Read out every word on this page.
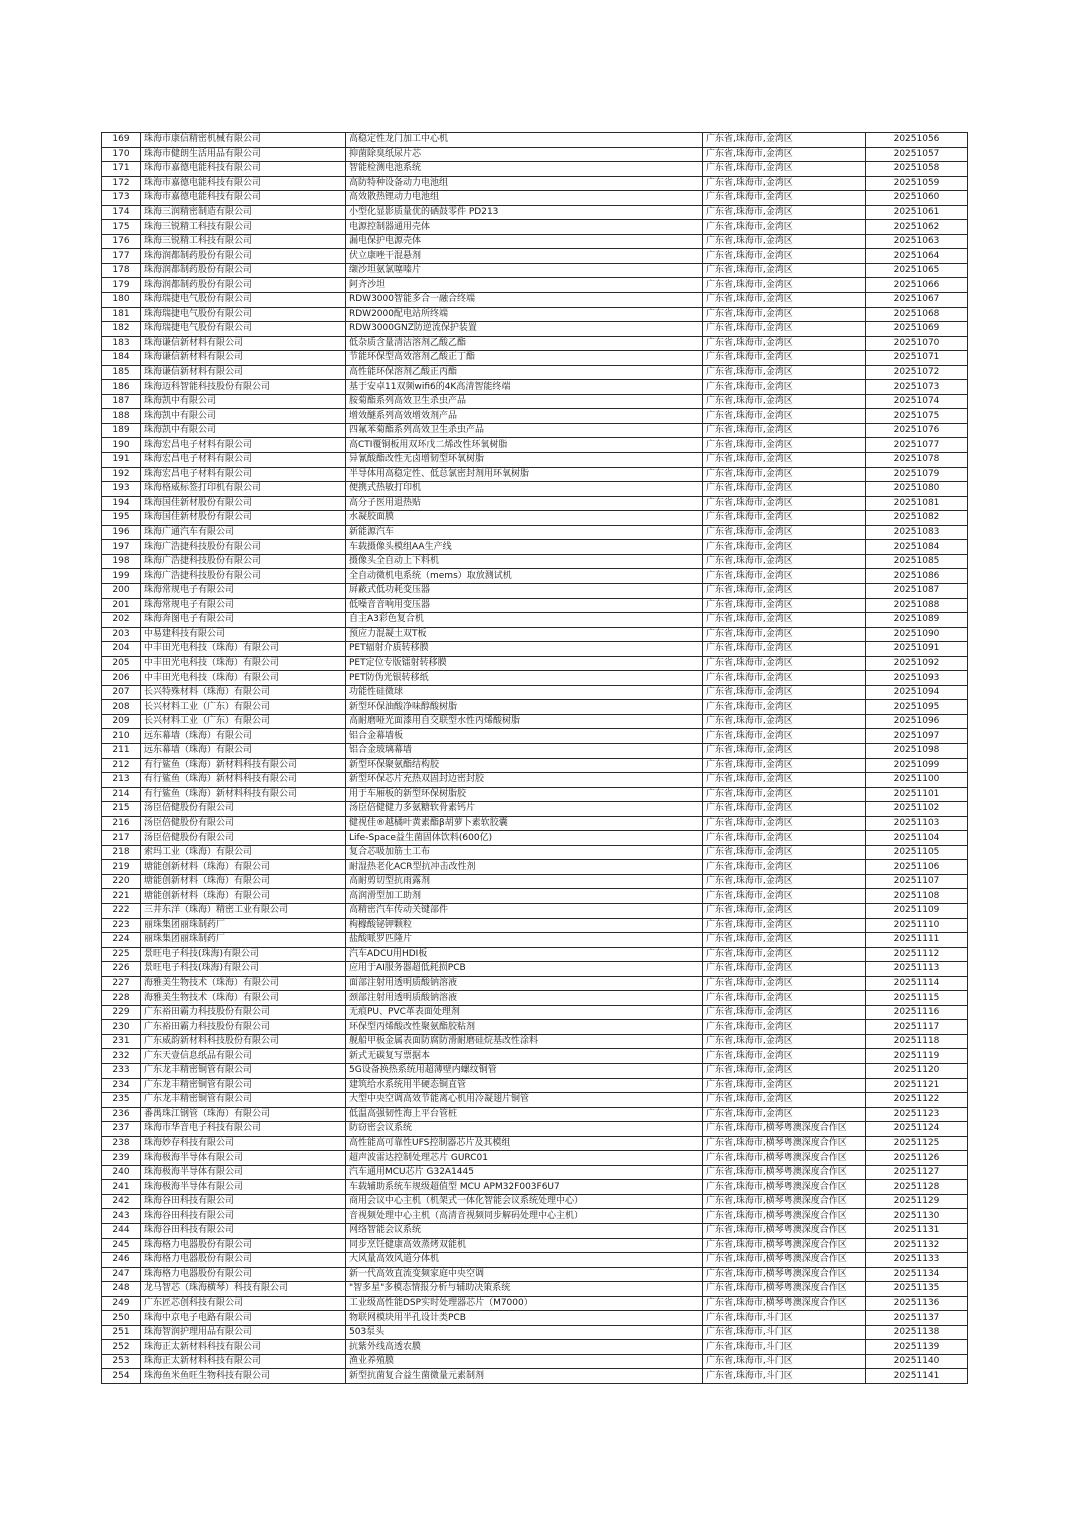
169	珠海市康信精密机械有限公司	高稳定性龙门加工中心机	广东省,珠海市,金湾区	20251056
170	珠海市健朗生活用品有限公司	抑菌除臭纸尿片芯	广东省,珠海市,金湾区	20251057
171	珠海市嘉德电能科技有限公司	智能检测电池系统	广东省,珠海市,金湾区	20251058
172	珠海市嘉德电能科技有限公司	高防特种设备动力电池组	广东省,珠海市,金湾区	20251059
173	珠海市嘉德电能科技有限公司	高效散热锂动力电池组	广东省,珠海市,金湾区	20251060
174	珠海三润精密制造有限公司	小型化显影质量优的硒鼓零件 PD213	广东省,珠海市,金湾区	20251061
175	珠海三锐精工科技有限公司	电源控制器通用壳体	广东省,珠海市,金湾区	20251062
176	珠海三锐精工科技有限公司	漏电保护电源壳体	广东省,珠海市,金湾区	20251063
177	珠海润都制药股份有限公司	伏立康唑干混悬剂	广东省,珠海市,金湾区	20251064
178	珠海润都制药股份有限公司	缬沙坦氨氯噻嗪片	广东省,珠海市,金湾区	20251065
179	珠海润都制药股份有限公司	阿齐沙坦	广东省,珠海市,金湾区	20251066
180	珠海瑞捷电气股份有限公司	RDW3000智能多合一融合终端	广东省,珠海市,金湾区	20251067
181	珠海瑞捷电气股份有限公司	RDW2000配电站所终端	广东省,珠海市,金湾区	20251068
182	珠海瑞捷电气股份有限公司	RDW3000GNZ防逆流保护装置	广东省,珠海市,金湾区	20251069
183	珠海谦信新材料有限公司	低杂质含量清洁溶剂乙酸乙酯	广东省,珠海市,金湾区	20251070
184	珠海谦信新材料有限公司	节能环保型高效溶剂乙酸正丁酯	广东省,珠海市,金湾区	20251071
185	珠海谦信新材料有限公司	高性能环保溶剂乙酸正丙酯	广东省,珠海市,金湾区	20251072
186	珠海迈科智能科技股份有限公司	基于安卓11双频wifi6的4K高清智能终端	广东省,珠海市,金湾区	20251073
187	珠海凯中有限公司	胺菊酯系列高效卫生杀虫产品	广东省,珠海市,金湾区	20251074
188	珠海凯中有限公司	增效醚系列高效增效剂产品	广东省,珠海市,金湾区	20251075
189	珠海凯中有限公司	四氟苯菊酯系列高效卫生杀虫产品	广东省,珠海市,金湾区	20251076
190	珠海宏昌电子材料有限公司	高CTI覆铜板用双环戊二烯改性环氧树脂	广东省,珠海市,金湾区	20251077
191	珠海宏昌电子材料有限公司	异氰酸酯改性无卤增韧型环氧树脂	广东省,珠海市,金湾区	20251078
192	珠海宏昌电子材料有限公司	半导体用高稳定性、低总氯密封剂用环氧树脂	广东省,珠海市,金湾区	20251079
193	珠海格威标签打印机有限公司	便携式热敏打印机	广东省,珠海市,金湾区	20251080
194	珠海国佳新材股份有限公司	高分子医用退热贴	广东省,珠海市,金湾区	20251081
195	珠海国佳新材股份有限公司	水凝胶面膜	广东省,珠海市,金湾区	20251082
196	珠海广通汽车有限公司	新能源汽车	广东省,珠海市,金湾区	20251083
197	珠海广浩捷科技股份有限公司	车载摄像头模组AA生产线	广东省,珠海市,金湾区	20251084
198	珠海广浩捷科技股份有限公司	摄像头全自动上下料机	广东省,珠海市,金湾区	20251085
199	珠海广浩捷科技股份有限公司	全自动微机电系统（mems）取放测试机	广东省,珠海市,金湾区	20251086
200	珠海常规电子有限公司	屏蔽式低功耗变压器	广东省,珠海市,金湾区	20251087
201	珠海常规电子有限公司	低噪音音响用变压器	广东省,珠海市,金湾区	20251088
202	珠海奔图电子有限公司	自主A3彩色复合机	广东省,珠海市,金湾区	20251089
203	中易建科技有限公司	预应力混凝土双T板	广东省,珠海市,金湾区	20251090
204	中丰田光电科技（珠海）有限公司	PET辐射介质转移膜	广东省,珠海市,金湾区	20251091
205	中丰田光电科技（珠海）有限公司	PET定位专版镭射转移膜	广东省,珠海市,金湾区	20251092
206	中丰田光电科技（珠海）有限公司	PET防伪光银转移纸	广东省,珠海市,金湾区	20251093
207	长兴特殊材料（珠海）有限公司	功能性硅微球	广东省,珠海市,金湾区	20251094
208	长兴材料工业（广东）有限公司	新型环保油酸净味醇酸树脂	广东省,珠海市,金湾区	20251095
209	长兴材料工业（广东）有限公司	高耐磨哑光面漆用自交联型水性丙烯酸树脂	广东省,珠海市,金湾区	20251096
210	远东幕墙（珠海）有限公司	铝合金幕墙板	广东省,珠海市,金湾区	20251097
211	远东幕墙（珠海）有限公司	铝合金玻璃幕墙	广东省,珠海市,金湾区	20251098
212	有行鲨鱼（珠海）新材料科技有限公司	新型环保聚氨酯结构胶	广东省,珠海市,金湾区	20251099
213	有行鲨鱼（珠海）新材料科技有限公司	新型环保芯片充热双固封边密封胶	广东省,珠海市,金湾区	20251100
214	有行鲨鱼（珠海）新材料科技有限公司	用于车厢板的新型环保树脂胶	广东省,珠海市,金湾区	20251101
215	汤臣倍健股份有限公司	汤臣倍健健力多氨糖软骨素钙片	广东省,珠海市,金湾区	20251102
216	汤臣倍健股份有限公司	健视佳®越橘叶黄素酯β胡萝卜素软胶囊	广东省,珠海市,金湾区	20251103
217	汤臣倍健股份有限公司	Life-Space益生菌固体饮料(600亿)	广东省,珠海市,金湾区	20251104
218	索玛工业（珠海）有限公司	复合芯吸加筋土工布	广东省,珠海市,金湾区	20251105
219	塘能创新材料（珠海）有限公司	耐湿热老化ACR型抗冲击改性剂	广东省,珠海市,金湾区	20251106
220	塘能创新材料（珠海）有限公司	高耐剪切型抗雨露剂	广东省,珠海市,金湾区	20251107
221	塘能创新材料（珠海）有限公司	高润滑型加工助剂	广东省,珠海市,金湾区	20251108
222	三井东洋（珠海）精密工业有限公司	高精密汽车传动关键部件	广东省,珠海市,金湾区	20251109
223	丽珠集团丽珠制药厂	枸橼酸铋钾颗粒	广东省,珠海市,金湾区	20251110
224	丽珠集团丽珠制药厂	盐酸哌罗匹隆片	广东省,珠海市,金湾区	20251111
225	景旺电子科技(珠海)有限公司	汽车ADCU用HDI板	广东省,珠海市,金湾区	20251112
226	景旺电子科技(珠海)有限公司	应用于AI服务器超低耗损PCB	广东省,珠海市,金湾区	20251113
227	海雅美生物技术（珠海）有限公司	面部注射用透明质酸钠溶液	广东省,珠海市,金湾区	20251114
228	海雅美生物技术（珠海）有限公司	颈部注射用透明质酸钠溶液	广东省,珠海市,金湾区	20251115
229	广东裕田霸力科技股份有限公司	无痕PU、PVC革表面处理剂	广东省,珠海市,金湾区	20251116
230	广东裕田霸力科技股份有限公司	环保型丙烯酸改性聚氨酯胶粘剂	广东省,珠海市,金湾区	20251117
231	广东威韵新材料科技股份有限公司	舰船甲板金属表面防腐防滑耐磨硅烷基改性涂料	广东省,珠海市,金湾区	20251118
232	广东天壹信息纸品有限公司	新式无碳复写票据本	广东省,珠海市,金湾区	20251119
233	广东龙丰精密铜管有限公司	5G设备换热系统用超薄壁内螺纹铜管	广东省,珠海市,金湾区	20251120
234	广东龙丰精密铜管有限公司	建筑给水系统用半硬态铜直管	广东省,珠海市,金湾区	20251121
235	广东龙丰精密铜管有限公司	大型中央空调高效节能离心机用冷凝翅片铜管	广东省,珠海市,金湾区	20251122
236	番禺珠江钢管（珠海）有限公司	低温高强韧性海上平台管桩	广东省,珠海市,金湾区	20251123
237	珠海市华音电子科技有限公司	防窃密会议系统	广东省,珠海市,横琴粤澳深度合作区	20251124
238	珠海妙存科技有限公司	高性能高可靠性UFS控制器芯片及其模组	广东省,珠海市,横琴粤澳深度合作区	20251125
239	珠海极海半导体有限公司	超声波雷达控制处理芯片 GURC01	广东省,珠海市,横琴粤澳深度合作区	20251126
240	珠海极海半导体有限公司	汽车通用MCU芯片 G32A1445	广东省,珠海市,横琴粤澳深度合作区	20251127
241	珠海极海半导体有限公司	车载辅助系统车规级超值型 MCU APM32F003F6U7	广东省,珠海市,横琴粤澳深度合作区	20251128
242	珠海谷田科技有限公司	商用会议中心主机（机架式一体化智能会议系统处理中心）	广东省,珠海市,横琴粤澳深度合作区	20251129
243	珠海谷田科技有限公司	音视频处理中心主机（高清音视频同步解码处理中心主机）	广东省,珠海市,横琴粤澳深度合作区	20251130
244	珠海谷田科技有限公司	网络智能会议系统	广东省,珠海市,横琴粤澳深度合作区	20251131
245	珠海格力电器股份有限公司	同步烹饪健康高效蒸烤双能机	广东省,珠海市,横琴粤澳深度合作区	20251132
246	珠海格力电器股份有限公司	大风量高效风道分体机	广东省,珠海市,横琴粤澳深度合作区	20251133
247	珠海格力电器股份有限公司	新一代高效直流变频家庭中央空调	广东省,珠海市,横琴粤澳深度合作区	20251134
248	龙马智芯（珠海横琴）科技有限公司	"智多星"多模态情报分析与辅助决策系统	广东省,珠海市,横琴粤澳深度合作区	20251135
249	广东匠芯创科技有限公司	工业级高性能DSP实时处理器芯片（M7000）	广东省,珠海市,横琴粤澳深度合作区	20251136
250	珠海中京电子电路有限公司	物联网模块用半孔设计类PCB	广东省,珠海市,斗门区	20251137
251	珠海智润护理用品有限公司	503泵头	广东省,珠海市,斗门区	20251138
252	珠海正太新材料科技有限公司	抗紫外线高透农膜	广东省,珠海市,斗门区	20251139
253	珠海正太新材料科技有限公司	渔业养殖膜	广东省,珠海市,斗门区	20251140
254	珠海鱼米鱼旺生物科技有限公司	新型抗菌复合益生菌微量元素制剂	广东省,珠海市,斗门区	20251141
